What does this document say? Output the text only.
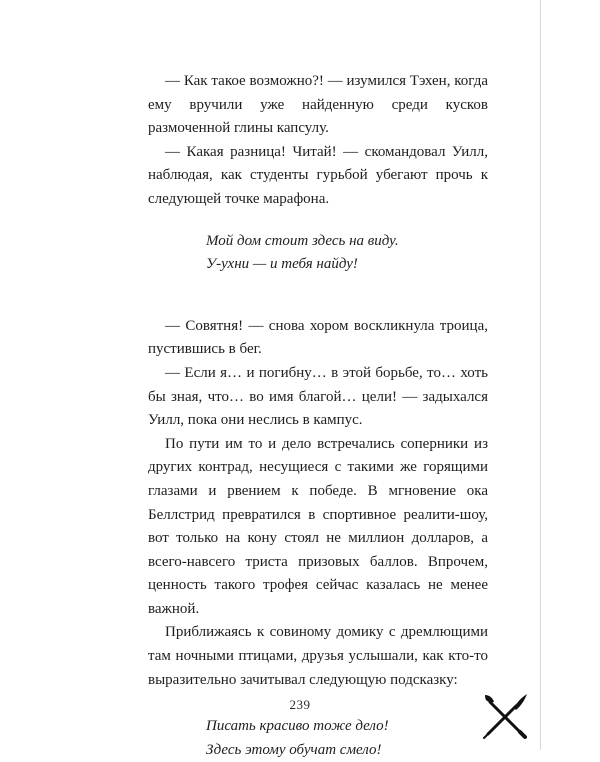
— Как такое возможно?! — изумился Тэхен, когда ему вручили уже найденную среди кусков размоченной глины капсулу.

— Какая разница! Читай! — скомандовал Уилл, наблюдая, как студенты гурьбой убегают прочь к следующей точке марафона.

Мой дом стоит здесь на виду.
У-ухни — и тебя найду!

— Совятня! — снова хором воскликнула троица, пустившись в бег.

— Если я… и погибну… в этой борьбе, то… хоть бы зная, что… во имя благой… цели! — задыхался Уилл, пока они неслись в кампус.

По пути им то и дело встречались соперники из других контрад, несущиеся с такими же горящими глазами и рвением к победе. В мгновение ока Беллстрид превратился в спортивное реалити-шоу, вот только на кону стоял не миллион долларов, а всего-навсего триста призовых баллов. Впрочем, ценность такого трофея сейчас казалась не менее важной.

Приближаясь к совиному домику с дремлющими там ночными птицами, друзья услышали, как кто-то выразительно зачитывал следующую подсказку:

Писать красиво тоже дело!
Здесь этому обучат смело!
239
